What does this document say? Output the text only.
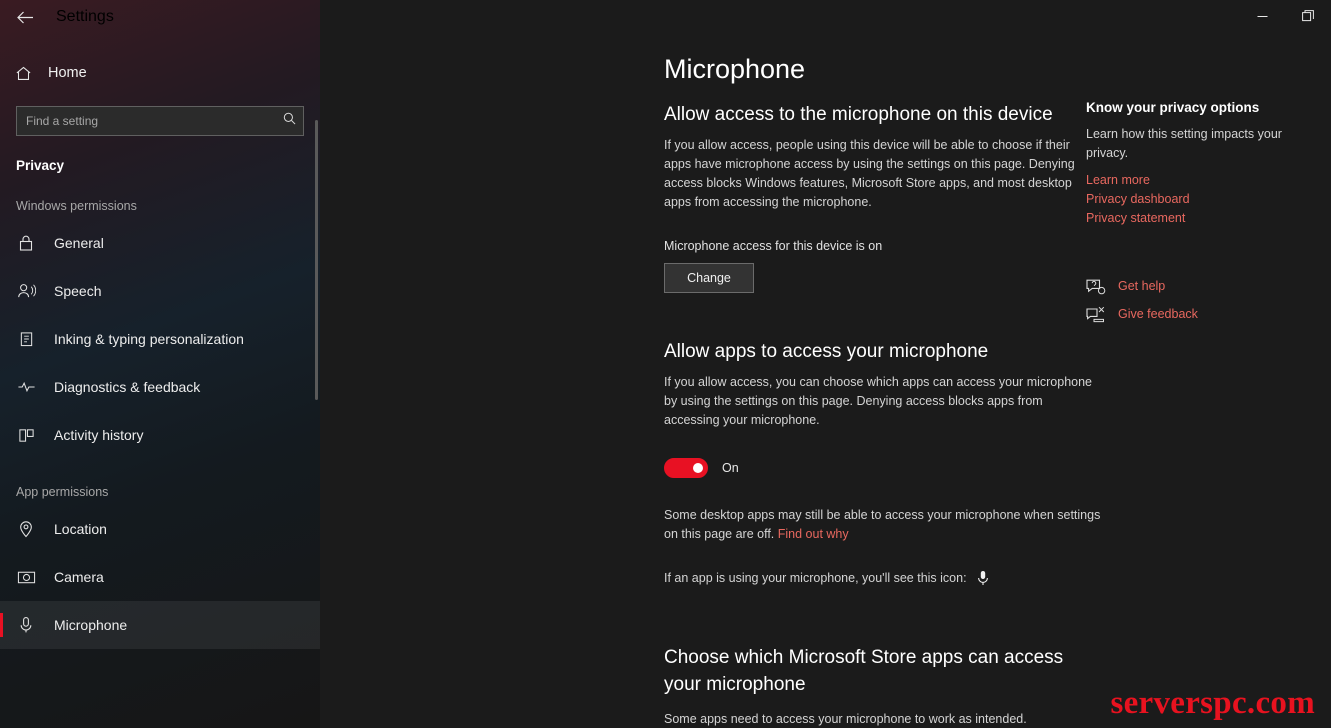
Settings
Home
Find a setting
Privacy
Windows permissions
General
Speech
Inking & typing personalization
Diagnostics & feedback
Activity history
App permissions
Location
Camera
Microphone
Microphone
Allow access to the microphone on this device

If you allow access, people using this device will be able to choose if their apps have microphone access by using the settings on this page. Denying access blocks Windows features, Microsoft Store apps, and most desktop apps from accessing the microphone.

Microphone access for this device is on
Change
Allow apps to access your microphone

If you allow access, you can choose which apps can access your microphone by using the settings on this page. Denying access blocks apps from accessing your microphone.

On
Some desktop apps may still be able to access your microphone when settings on this page are off. Find out why
If an app is using your microphone, you'll see this icon:
Choose which Microsoft Store apps can access your microphone

Some apps need to access your microphone to work as intended.

Know your privacy options

Learn how this setting impacts your privacy.

Learn more
Privacy dashboard
Privacy statement
Get help
Give feedback
serverspc.com
